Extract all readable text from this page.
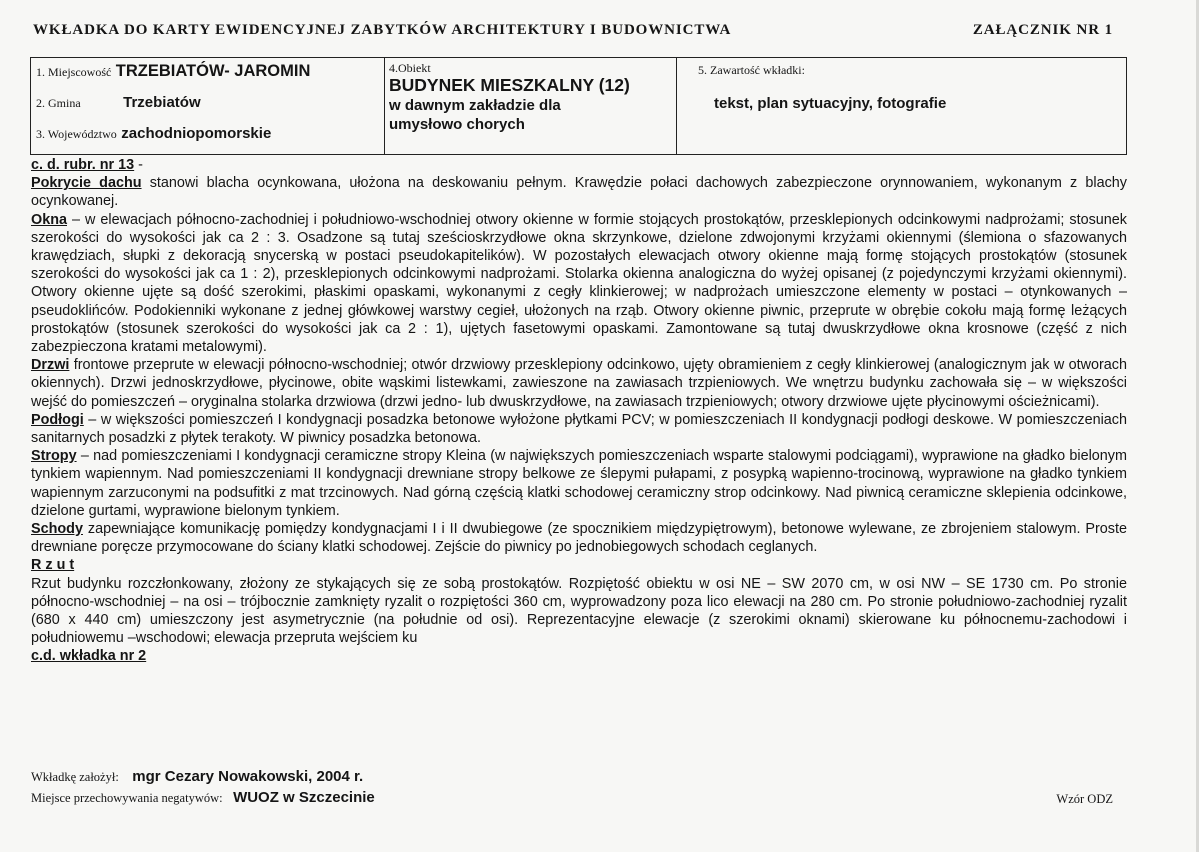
WKŁADKA DO KARTY EWIDENCYJNEJ ZABYTKÓW ARCHITEKTURY I BUDOWNICTWA	ZAŁĄCZNIK NR 1
1. Miejscowość TRZEBIATÓW- JAROMIN
2. Gmina	Trzebiatów
3. Województwo zachodniopomorskie
4.Obiekt
BUDYNEK MIESZKALNY (12)
w dawnym zakładzie dla
umysłowo chorych
5. Zawartość wkładki:
tekst, plan sytuacyjny, fotografie

c. d. rubr. nr 13 -

Pokrycie dachu stanowi blacha ocynkowana, ułożona na deskowaniu pełnym. Krawędzie połaci dachowych zabezpieczone orynnowaniem, wykonanym z blachy ocynkowanej.

Okna – w elewacjach północno-zachodniej i południowo-wschodniej otwory okienne w formie stojących prostokątów, przesklepionych odcinkowymi nadprożami; stosunek szerokości do wysokości jak ca 2 : 3. Osadzone są tutaj sześcioskrzydłowe okna skrzynkowe, dzielone zdwojonymi krzyżami okiennymi (ślemiona o sfazowanych krawędziach, słupki z dekoracją snycerską w postaci pseudokapitelików). W pozostałych elewacjach otwory okienne mają formę stojących prostokątów (stosunek szerokości do wysokości jak ca 1 : 2), przesklepionych odcinkowymi nadprożami. Stolarka okienna analogiczna do wyżej opisanej (z pojedynczymi krzyżami okiennymi). Otwory okienne ujęte są dość szerokimi, płaskimi opaskami, wykonanymi z cegły klinkierowej; w nadprożach umieszczone elementy w postaci – otynkowanych – pseudoklińców. Podokienniki wykonane z jednej główkowej warstwy cegieł, ułożonych na rząb. Otwory okienne piwnic, przeprute w obrębie cokołu mają formę leżących prostokątów (stosunek szerokości do wysokości jak ca 2 : 1), ujętych fasetowymi opaskami. Zamontowane są tutaj dwuskrzydłowe okna krosnowe (część z nich zabezpieczona kratami metalowymi).

Drzwi frontowe przeprute w elewacji północno-wschodniej; otwór drzwiowy przesklepiony odcinkowo, ujęty obramieniem z cegły klinkierowej (analogicznym jak w otworach okiennych). Drzwi jednoskrzydłowe, płycinowe, obite wąskimi listewkami, zawieszone na zawiasach trzpieniowych. We wnętrzu budynku zachowała się – w większości wejść do pomieszczeń – oryginalna stolarka drzwiowa (drzwi jedno- lub dwuskrzydłowe, na zawiasach trzpieniowych; otwory drzwiowe ujęte płycinowymi ościeżnicami).

Podłogi – w większości pomieszczeń I kondygnacji posadzka betonowe wyłożone płytkami PCV; w pomieszczeniach II kondygnacji podłogi deskowe. W pomieszczeniach sanitarnych posadzki z płytek terakoty. W piwnicy posadzka betonowa.

Stropy – nad pomieszczeniami I kondygnacji ceramiczne stropy Kleina (w największych pomieszczeniach wsparte stalowymi podciągami), wyprawione na gładko bielonym tynkiem wapiennym. Nad pomieszczeniami II kondygnacji drewniane stropy belkowe ze ślepymi pułapami, z posypką wapienno-trocinową, wyprawione na gładko tynkiem wapiennym zarzuconymi na podsufitki z mat trzcinowych. Nad górną częścią klatki schodowej ceramiczny strop odcinkowy. Nad piwnicą ceramiczne sklepienia odcinkowe, dzielone gurtami, wyprawione bielonym tynkiem.

Schody zapewniające komunikację pomiędzy kondygnacjami I i II dwubiegowe (ze spocznikiem międzypiętrowym), betonowe wylewane, ze zbrojeniem stalowym. Proste drewniane poręcze przymocowane do ściany klatki schodowej. Zejście do piwnicy po jednobiegowych schodach ceglanych.

R z u t

Rzut budynku rozczłonkowany, złożony ze stykających się ze sobą prostokątów. Rozpiętość obiektu w osi NE – SW 2070 cm, w osi NW – SE 1730 cm. Po stronie północno-wschodniej – na osi – trójbocznie zamknięty ryzalit o rozpiętości 360 cm, wyprowadzony poza lico elewacji na 280 cm. Po stronie południowo-zachodniej ryzalit (680 x 440 cm) umieszczony jest asymetrycznie (na południe od osi). Reprezentacyjne elewacje (z szerokimi oknami) skierowane ku północnemu-zachodowi i południowemu –wschodowi; elewacja przepruta wejściem ku

c.d. wkładka nr 2

Wkładkę założył: mgr Cezary Nowakowski, 2004 r.
Miejsce przechowywania negatywów: WUOZ w Szczecinie	Wzór ODZ
